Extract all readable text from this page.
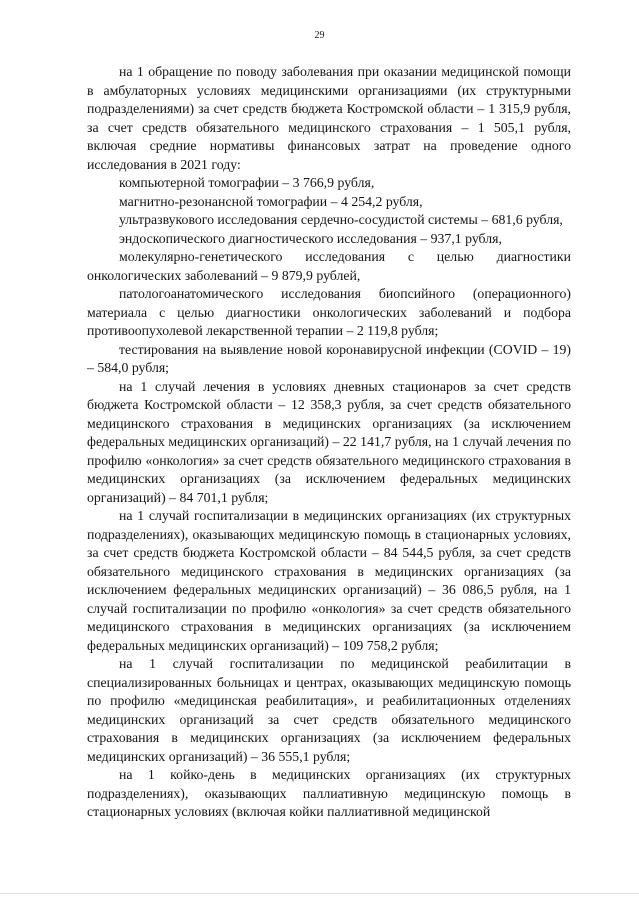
29

на 1 обращение по поводу заболевания при оказании медицинской помощи в амбулаторных условиях медицинскими организациями (их структурными подразделениями) за счет средств бюджета Костромской области – 1 315,9 рубля, за счет средств обязательного медицинского страхования – 1 505,1 рубля, включая средние нормативы финансовых затрат на проведение одного исследования в 2021 году:

компьютерной томографии – 3 766,9 рубля,

магнитно-резонансной томографии – 4 254,2 рубля,

ультразвукового исследования сердечно-сосудистой системы – 681,6 рубля,

эндоскопического диагностического исследования – 937,1 рубля,

молекулярно-генетического исследования с целью диагностики онкологических заболеваний – 9 879,9 рублей,

патологоанатомического исследования биопсийного (операционного) материала с целью диагностики онкологических заболеваний и подбора противоопухолевой лекарственной терапии – 2 119,8 рубля;

тестирования на выявление новой коронавирусной инфекции (COVID – 19) – 584,0 рубля;

на 1 случай лечения в условиях дневных стационаров за счет средств бюджета Костромской области – 12 358,3 рубля, за счет средств обязательного медицинского страхования в медицинских организациях (за исключением федеральных медицинских организаций) – 22 141,7 рубля, на 1 случай лечения по профилю «онкология» за счет средств обязательного медицинского страхования в медицинских организациях (за исключением федеральных медицинских организаций) – 84 701,1 рубля;

на 1 случай госпитализации в медицинских организациях (их структурных подразделениях), оказывающих медицинскую помощь в стационарных условиях, за счет средств бюджета Костромской области – 84 544,5 рубля, за счет средств обязательного медицинского страхования в медицинских организациях (за исключением федеральных медицинских организаций) – 36 086,5 рубля, на 1 случай госпитализации по профилю «онкология» за счет средств обязательного медицинского страхования в медицинских организациях (за исключением федеральных медицинских организаций) – 109 758,2 рубля;

на 1 случай госпитализации по медицинской реабилитации в специализированных больницах и центрах, оказывающих медицинскую помощь по профилю «медицинская реабилитация», и реабилитационных отделениях медицинских организаций за счет средств обязательного медицинского страхования в медицинских организациях (за исключением федеральных медицинских организаций) – 36 555,1 рубля;

на 1 койко-день в медицинских организациях (их структурных подразделениях), оказывающих паллиативную медицинскую помощь в стационарных условиях (включая койки паллиативной медицинской
